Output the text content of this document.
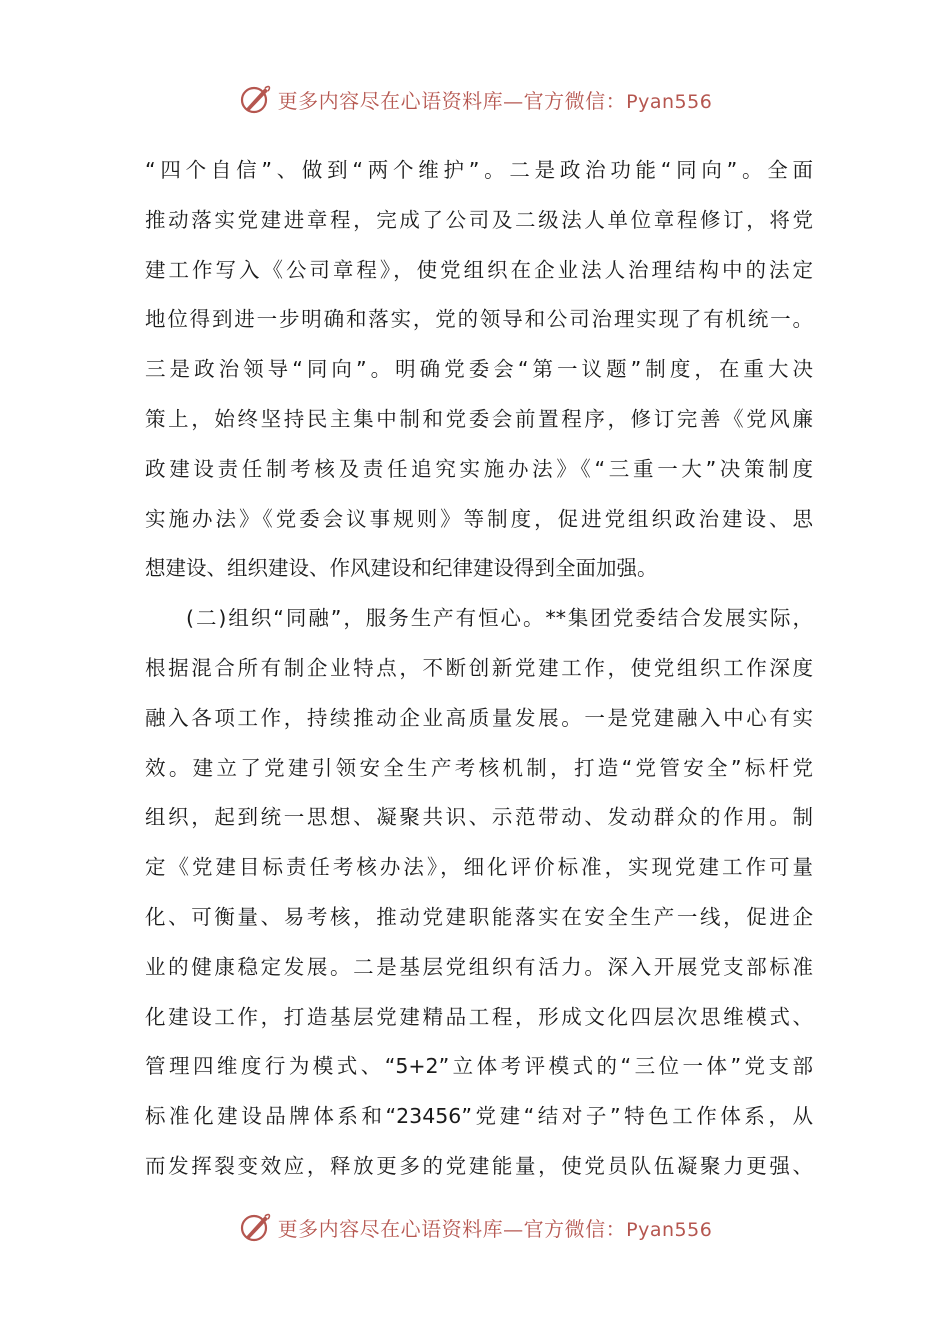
更多内容尽在心语资料库—官方微信：Pyan556
“四个自信”、做到“两个维护”。二是政治功能“同向”。全面
推动落实党建进章程，完成了公司及二级法人单位章程修订，将党
建工作写入《公司章程》，使党组织在企业法人治理结构中的法定
地位得到进一步明确和落实，党的领导和公司治理实现了有机统一。
三是政治领导“同向”。明确党委会“第一议题”制度，在重大决
策上，始终坚持民主集中制和党委会前置程序，修订完善《党风廉
政建设责任制考核及责任追究实施办法》《“三重一大”决策制度
实施办法》《党委会议事规则》等制度，促进党组织政治建设、思
想建设、组织建设、作风建设和纪律建设得到全面加强。
(二)组织“同融”，服务生产有恒心。**集团党委结合发展实际，
根据混合所有制企业特点，不断创新党建工作，使党组织工作深度
融入各项工作，持续推动企业高质量发展。一是党建融入中心有实
效。建立了党建引领安全生产考核机制，打造“党管安全”标杆党
组织，起到统一思想、凝聚共识、示范带动、发动群众的作用。制
定《党建目标责任考核办法》，细化评价标准，实现党建工作可量
化、可衡量、易考核，推动党建职能落实在安全生产一线，促进企
业的健康稳定发展。二是基层党组织有活力。深入开展党支部标准
化建设工作，打造基层党建精品工程，形成文化四层次思维模式、
管理四维度行为模式、“5+2”立体考评模式的“三位一体”党支部
标准化建设品牌体系和“23456”党建“结对子”特色工作体系，从
而发挥裂变效应，释放更多的党建能量，使党员队伍凝聚力更强、
更多内容尽在心语资料库—官方微信：Pyan556
